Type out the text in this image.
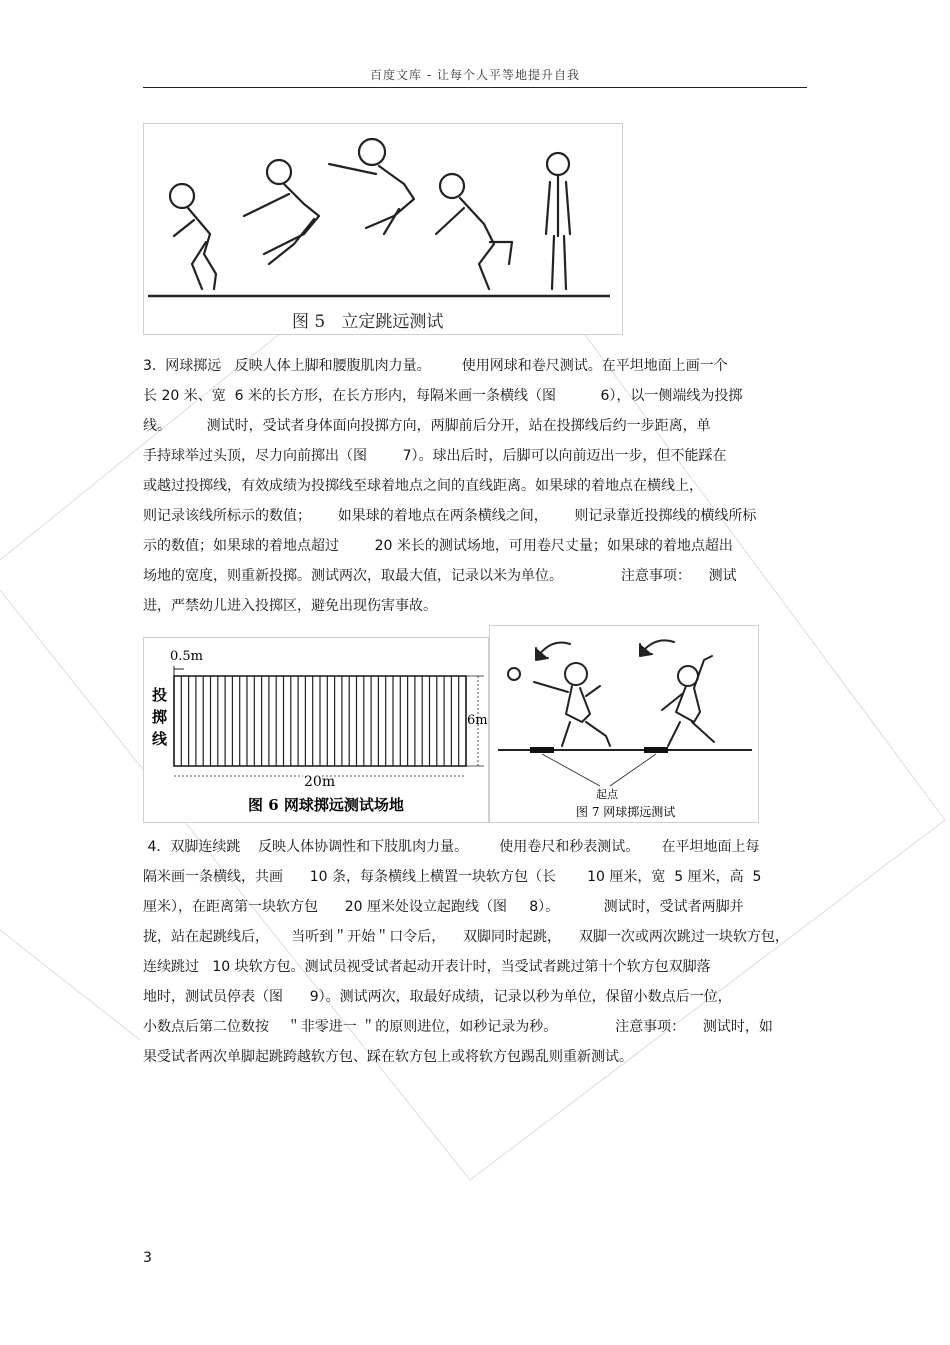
百度文库 - 让每个人平等地提升自我
图 5   立定跳远测试
3.  网球掷远   反映人体上脚和腰腹肌肉力量。       使用网球和卷尺测试。在平坦地面上画一个
长 20 米、宽  6 米的长方形，在长方形内，每隔米画一条横线（图          6），以一侧端线为投掷
线。        测试时，受试者身体面向投掷方向，两脚前后分开，站在投掷线后约一步距离，单
手持球举过头顶，尽力向前掷出（图        7）。球出后时，后脚可以向前迈出一步，但不能踩在
或越过投掷线，有效成绩为投掷线至球着地点之间的直线距离。如果球的着地点在横线上，
则记录该线所标示的数值；      如果球的着地点在两条横线之间，      则记录靠近投掷线的横线所标
示的数值；如果球的着地点超过        20 米长的测试场地，可用卷尺丈量；如果球的着地点超出
场地的宽度，则重新投掷。测试两次，取最大值，记录以米为单位。             注意事项：    测试
进，严禁幼儿进入投掷区，避免出现伤害事故。
0.5m
投
掷
线
6m
20m
图 6 网球掷远测试场地
起点
图 7 网球掷远测试
4．双脚连续跳    反映人体协调性和下肢肌肉力量。       使用卷尺和秒表测试。     在平坦地面上每
隔米画一条横线，共画      10 条，每条横线上横置一块软方包（长       10 厘米，宽  5 厘米，高  5
厘米），在距离第一块软方包      20 厘米处设立起跑线（图     8）。          测试时，受试者两脚并
拢，站在起跳线后，     当听到＂开始＂口令后，    双脚同时起跳，    双脚一次或两次跳过一块软方包，
连续跳过   10 块软方包。测试员视受试者起动开表计时，当受试者跳过第十个软方包双脚落
地时，测试员停表（图      9）。测试两次，取最好成绩，记录以秒为单位，保留小数点后一位，
小数点后第二位数按    ＂非零进一 ＂的原则进位，如秒记录为秒。             注意事项：    测试时，如
果受试者两次单脚起跳跨越软方包、踩在软方包上或将软方包踢乱则重新测试。
3
